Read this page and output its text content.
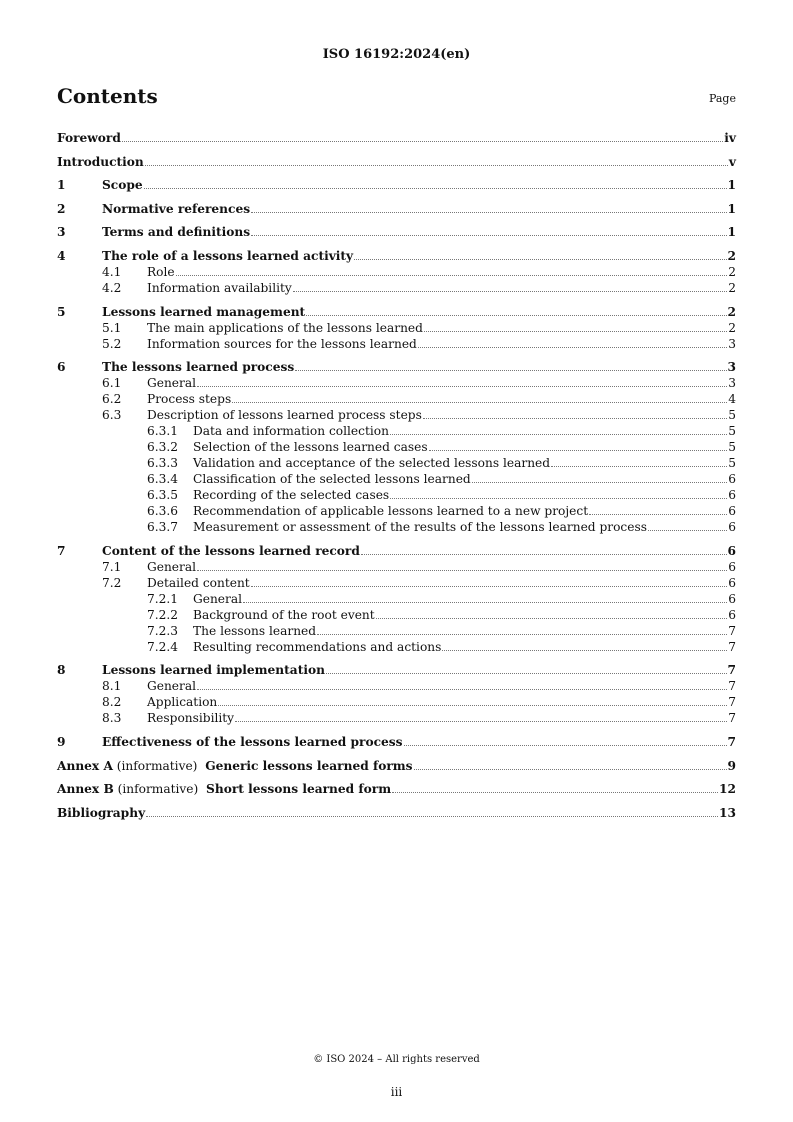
ISO 16192:2024(en)
Contents	Page
Foreword	iv
Introduction	v
1	Scope	1
2	Normative references	1
3	Terms and definitions	1
4	The role of a lessons learned activity	2
4.1	Role	2
4.2	Information availability	2
5	Lessons learned management	2
5.1	The main applications of the lessons learned	2
5.2	Information sources for the lessons learned	3
6	The lessons learned process	3
6.1	General	3
6.2	Process steps	4
6.3	Description of lessons learned process steps	5
6.3.1	Data and information collection	5
6.3.2	Selection of the lessons learned cases	5
6.3.3	Validation and acceptance of the selected lessons learned	5
6.3.4	Classification of the selected lessons learned	6
6.3.5	Recording of the selected cases	6
6.3.6	Recommendation of applicable lessons learned to a new project	6
6.3.7	Measurement or assessment of the results of the lessons learned process	6
7	Content of the lessons learned record	6
7.1	General	6
7.2	Detailed content	6
7.2.1	General	6
7.2.2	Background of the root event	6
7.2.3	The lessons learned	7
7.2.4	Resulting recommendations and actions	7
8	Lessons learned implementation	7
8.1	General	7
8.2	Application	7
8.3	Responsibility	7
9	Effectiveness of the lessons learned process	7
Annex A (informative)  Generic lessons learned forms	9
Annex B (informative)  Short lessons learned form	12
Bibliography	13
© ISO 2024 – All rights reserved
iii
